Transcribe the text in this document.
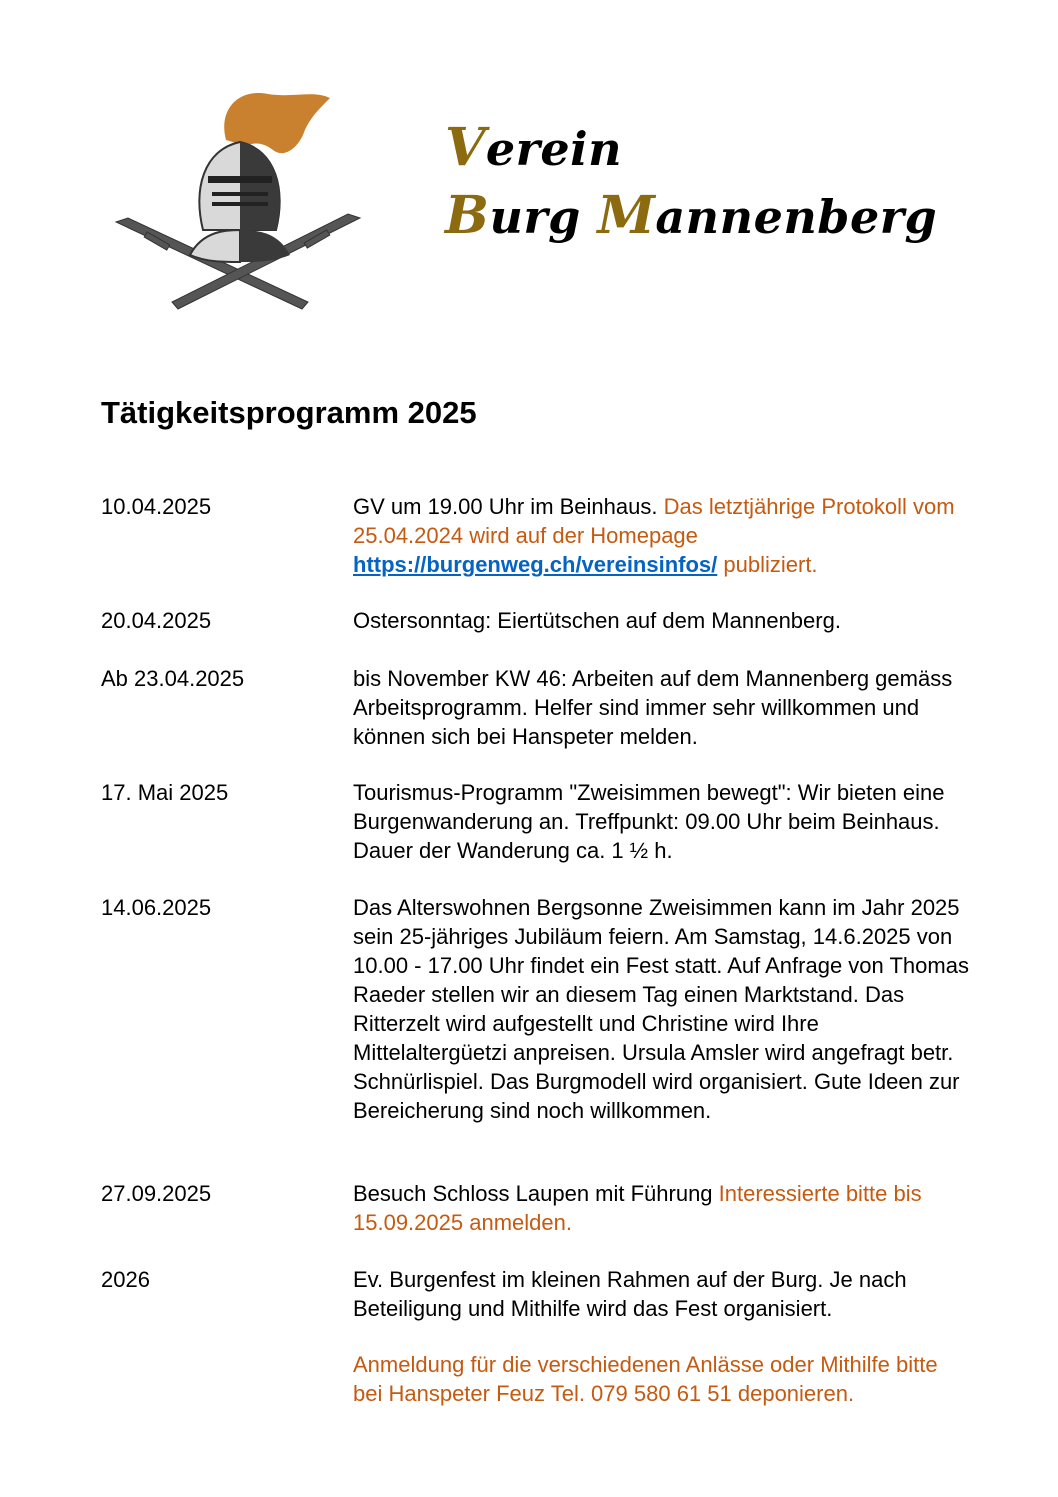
Verein
Burg Mannenberg
Tätigkeitsprogramm 2025
10.04.2025	GV um 19.00 Uhr im Beinhaus. Das letztjährige Protokoll vom 25.04.2024 wird auf der Homepage https://burgenweg.ch/vereinsinfos/ publiziert.
20.04.2025	Ostersonntag: Eiertütschen auf dem Mannenberg.
Ab 23.04.2025	bis November KW 46: Arbeiten auf dem Mannenberg gemäss Arbeitsprogramm. Helfer sind immer sehr willkommen und können sich bei Hanspeter melden.
17. Mai 2025	Tourismus-Programm "Zweisimmen bewegt": Wir bieten eine Burgenwanderung an. Treffpunkt: 09.00 Uhr beim Beinhaus. Dauer der Wanderung ca. 1 ½ h.
14.06.2025	Das Alterswohnen Bergsonne Zweisimmen kann im Jahr 2025 sein 25-jähriges Jubiläum feiern. Am Samstag, 14.6.2025 von 10.00 - 17.00 Uhr findet ein Fest statt. Auf Anfrage von Thomas Raeder stellen wir an diesem Tag einen Marktstand. Das Ritterzelt wird aufgestellt und Christine wird Ihre Mittelaltergüetzi anpreisen. Ursula Amsler wird angefragt betr. Schnürlispiel. Das Burgmodell wird organisiert. Gute Ideen zur Bereicherung sind noch willkommen.
27.09.2025	Besuch Schloss Laupen mit Führung Interessierte bitte bis 15.09.2025 anmelden.
2026	Ev. Burgenfest im kleinen Rahmen auf der Burg. Je nach Beteiligung und Mithilfe wird das Fest organisiert.
Anmeldung für die verschiedenen Anlässe oder Mithilfe bitte bei Hanspeter Feuz Tel. 079 580 61 51 deponieren.
